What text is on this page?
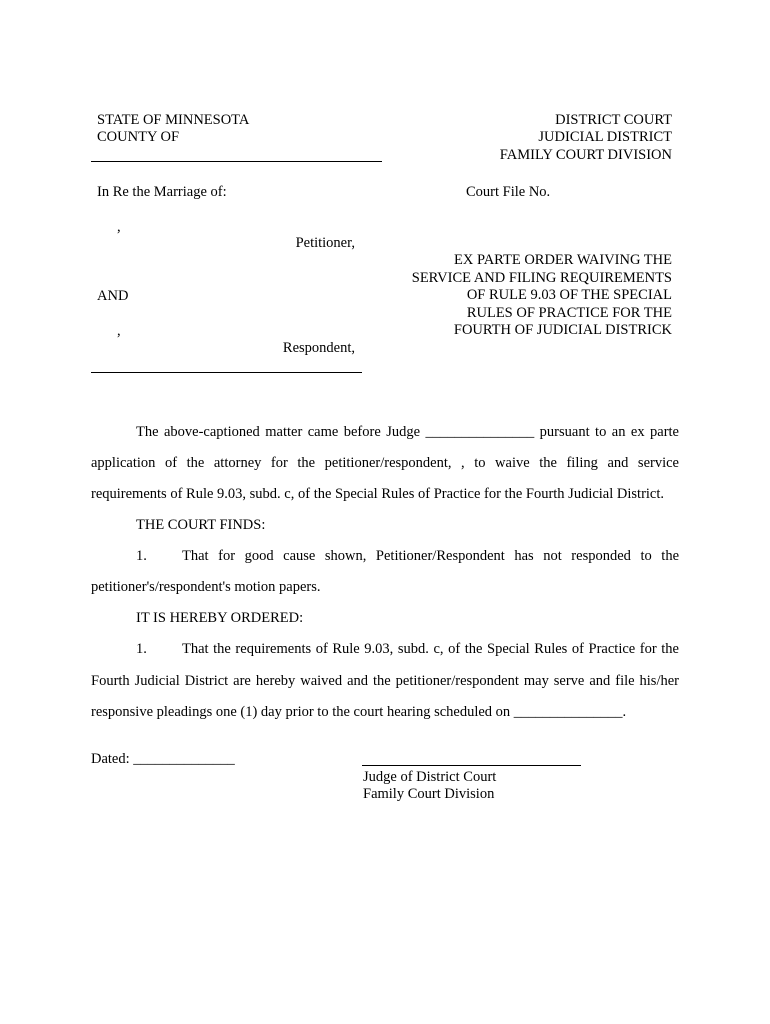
STATE OF MINNESOTA
COUNTY OF
DISTRICT COURT
JUDICIAL DISTRICT
FAMILY COURT DIVISION
In Re the Marriage of:	Court File No.
,
Petitioner,
AND
,
Respondent,
EX PARTE ORDER WAIVING THE
SERVICE AND FILING REQUIREMENTS
OF RULE 9.03 OF THE SPECIAL
RULES OF PRACTICE FOR THE
FOURTH OF JUDICIAL DISTRICK
The above-captioned matter came before Judge _______________ pursuant to an ex parte
application of the attorney for the petitioner/respondent, , to waive the filing and service
requirements of Rule 9.03, subd. c, of the Special Rules of Practice for the Fourth Judicial District.
THE COURT FINDS:
1. That for good cause shown, Petitioner/Respondent has not responded to the
petitioner's/respondent's motion papers.
IT IS HEREBY ORDERED:
1. That the requirements of Rule 9.03, subd. c, of the Special Rules of Practice for the
Fourth Judicial District are hereby waived and the petitioner/respondent may serve and file his/her
responsive pleadings one (1) day prior to the court hearing scheduled on _______________.
Dated: ______________
Judge of District Court
Family Court Division
